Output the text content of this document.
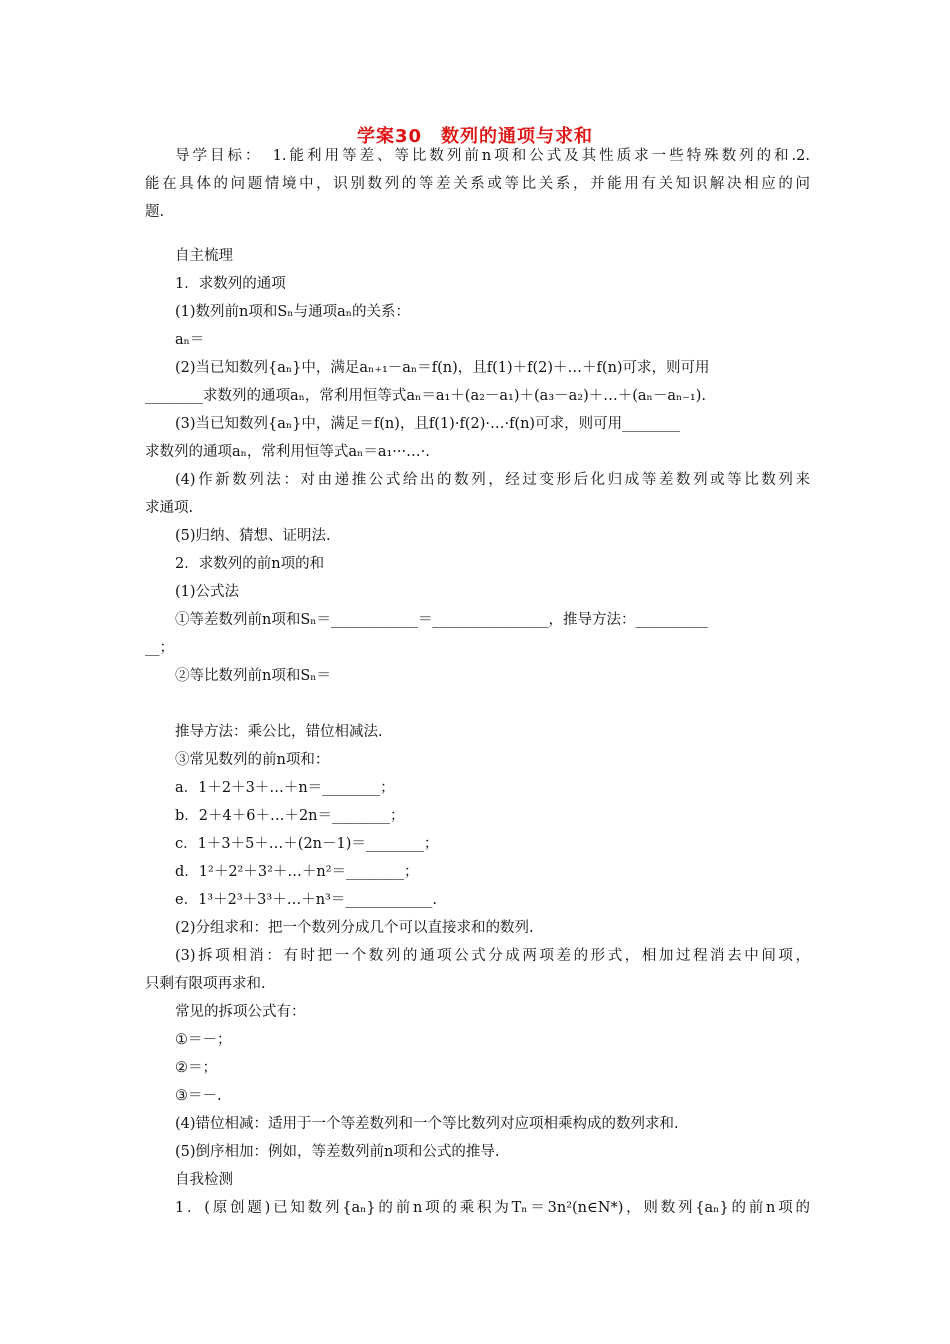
学案30　数列的通项与求和
导学目标：　1.能利用等差、等比数列前n项和公式及其性质求一些特殊数列的和.2.
能在具体的问题情境中，识别数列的等差关系或等比关系，并能用有关知识解决相应的问
题.
自主梳理
1．求数列的通项
(1)数列前n项和Sₙ与通项aₙ的关系：
aₙ＝
(2)当已知数列{aₙ}中，满足aₙ₊₁－aₙ＝f(n)，且f(1)＋f(2)＋…＋f(n)可求，则可用
________求数列的通项aₙ，常利用恒等式aₙ＝a₁＋(a₂－a₁)＋(a₃－a₂)＋…＋(aₙ－aₙ₋₁).
(3)当已知数列{aₙ}中，满足＝f(n)，且f(1)·f(2)·…·f(n)可求，则可用________
求数列的通项aₙ，常利用恒等式aₙ＝a₁···…·.
(4)作新数列法：对由递推公式给出的数列，经过变形后化归成等差数列或等比数列来
求通项.
(5)归纳、猜想、证明法.
2．求数列的前n项的和
(1)公式法
①等差数列前n项和Sₙ＝____________＝________________，推导方法：__________
__；
②等比数列前n项和Sₙ＝
推导方法：乘公比，错位相减法.
③常见数列的前n项和：
a．1＋2＋3＋…＋n＝________；
b．2＋4＋6＋…＋2n＝________；
c．1＋3＋5＋…＋(2n－1)＝________；
d．1²＋2²＋3²＋…＋n²＝________；
e．1³＋2³＋3³＋…＋n³＝____________.
(2)分组求和：把一个数列分成几个可以直接求和的数列.
(3)拆项相消：有时把一个数列的通项公式分成两项差的形式，相加过程消去中间项，
只剩有限项再求和.
常见的拆项公式有：
①＝－；
②＝；
③＝－.
(4)错位相减：适用于一个等差数列和一个等比数列对应项相乘构成的数列求和.
(5)倒序相加：例如，等差数列前n项和公式的推导.
自我检测
1．(原创题)已知数列{aₙ}的前n项的乘积为Tₙ＝3n²(n∈N*)，则数列{aₙ}的前n项的
